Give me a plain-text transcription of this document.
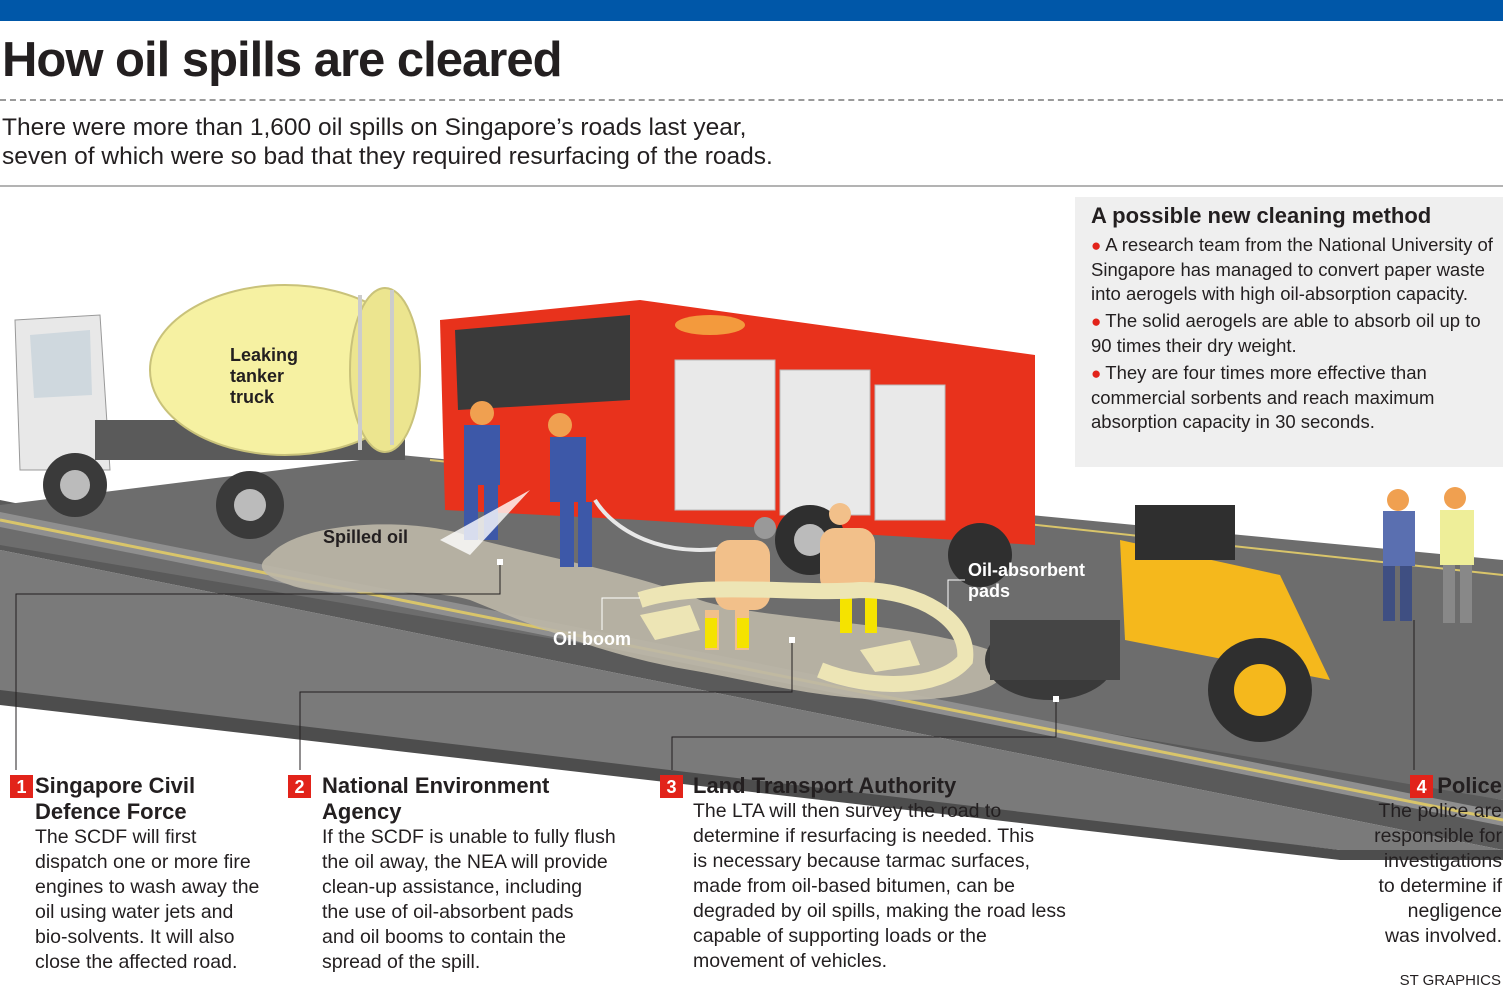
How oil spills are cleared
There were more than 1,600 oil spills on Singapore’s roads last year,
seven of which were so bad that they required resurfacing of the roads.
A possible new cleaning method

● A research team from the National University of Singapore has managed to convert paper waste into aerogels with high oil-absorption capacity.

● The solid aerogels are able to absorb oil up to 90 times their dry weight.

● They are four times more effective than commercial sorbents and reach maximum absorption capacity in 30 seconds.

Leaking
tanker
truck
Spilled oil
Oil boom
Oil-absorbent
pads
1 Singapore Civil
Defence Force

The SCDF will first
dispatch one or more fire
engines to wash away the
oil using water jets and
bio-solvents. It will also
close the affected road.

2 National Environment
Agency

If the SCDF is unable to fully flush
the oil away, the NEA will provide
clean-up assistance, including
the use of oil-absorbent pads
and oil booms to contain the
spread of the spill.

3 Land Transport Authority

The LTA will then survey the road to
determine if resurfacing is needed. This
is necessary because tarmac surfaces,
made from oil-based bitumen, can be
degraded by oil spills, making the road less
capable of supporting loads or the
movement of vehicles.

4 Police

The police are
responsible for
investigations
to determine if
negligence
was involved.

ST GRAPHICS
